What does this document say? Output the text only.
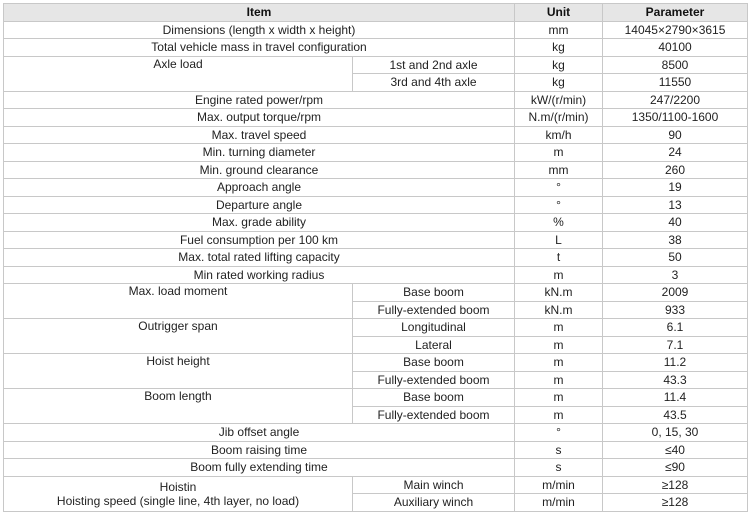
Item		Unit	Parameter
Dimensions (length x width x height)		mm	14045×2790×3615
Total vehicle mass in travel configuration		kg	40100
Axle load	1st and 2nd axle	kg	8500
	3rd and 4th axle	kg	11550
Engine rated power/rpm		kW/(r/min)	247/2200
Max. output torque/rpm		N.m/(r/min)	1350/1100-1600
Max. travel speed		km/h	90
Min. turning diameter		m	24
Min. ground clearance		mm	260
Approach angle		°	19
Departure angle		°	13
Max. grade ability		%	40
Fuel consumption per 100 km		L	38
Max. total rated lifting capacity		t	50
Min rated working radius		m	3
Max. load moment	Base boom	kN.m	2009
	Fully-extended boom	kN.m	933
Outrigger span	Longitudinal	m	6.1
	Lateral	m	7.1
Hoist height	Base boom	m	11.2
	Fully-extended boom	m	43.3
Boom length	Base boom	m	11.4
	Fully-extended boom	m	43.5
Jib offset angle		°	0, 15, 30
Boom raising time		s	≤40
Boom fully extending time		s	≤90

Hoistin
Hoisting speed (single line, 4th layer, no load)	Main winch	m/min	≥128
	Auxiliary winch	m/min	≥128
